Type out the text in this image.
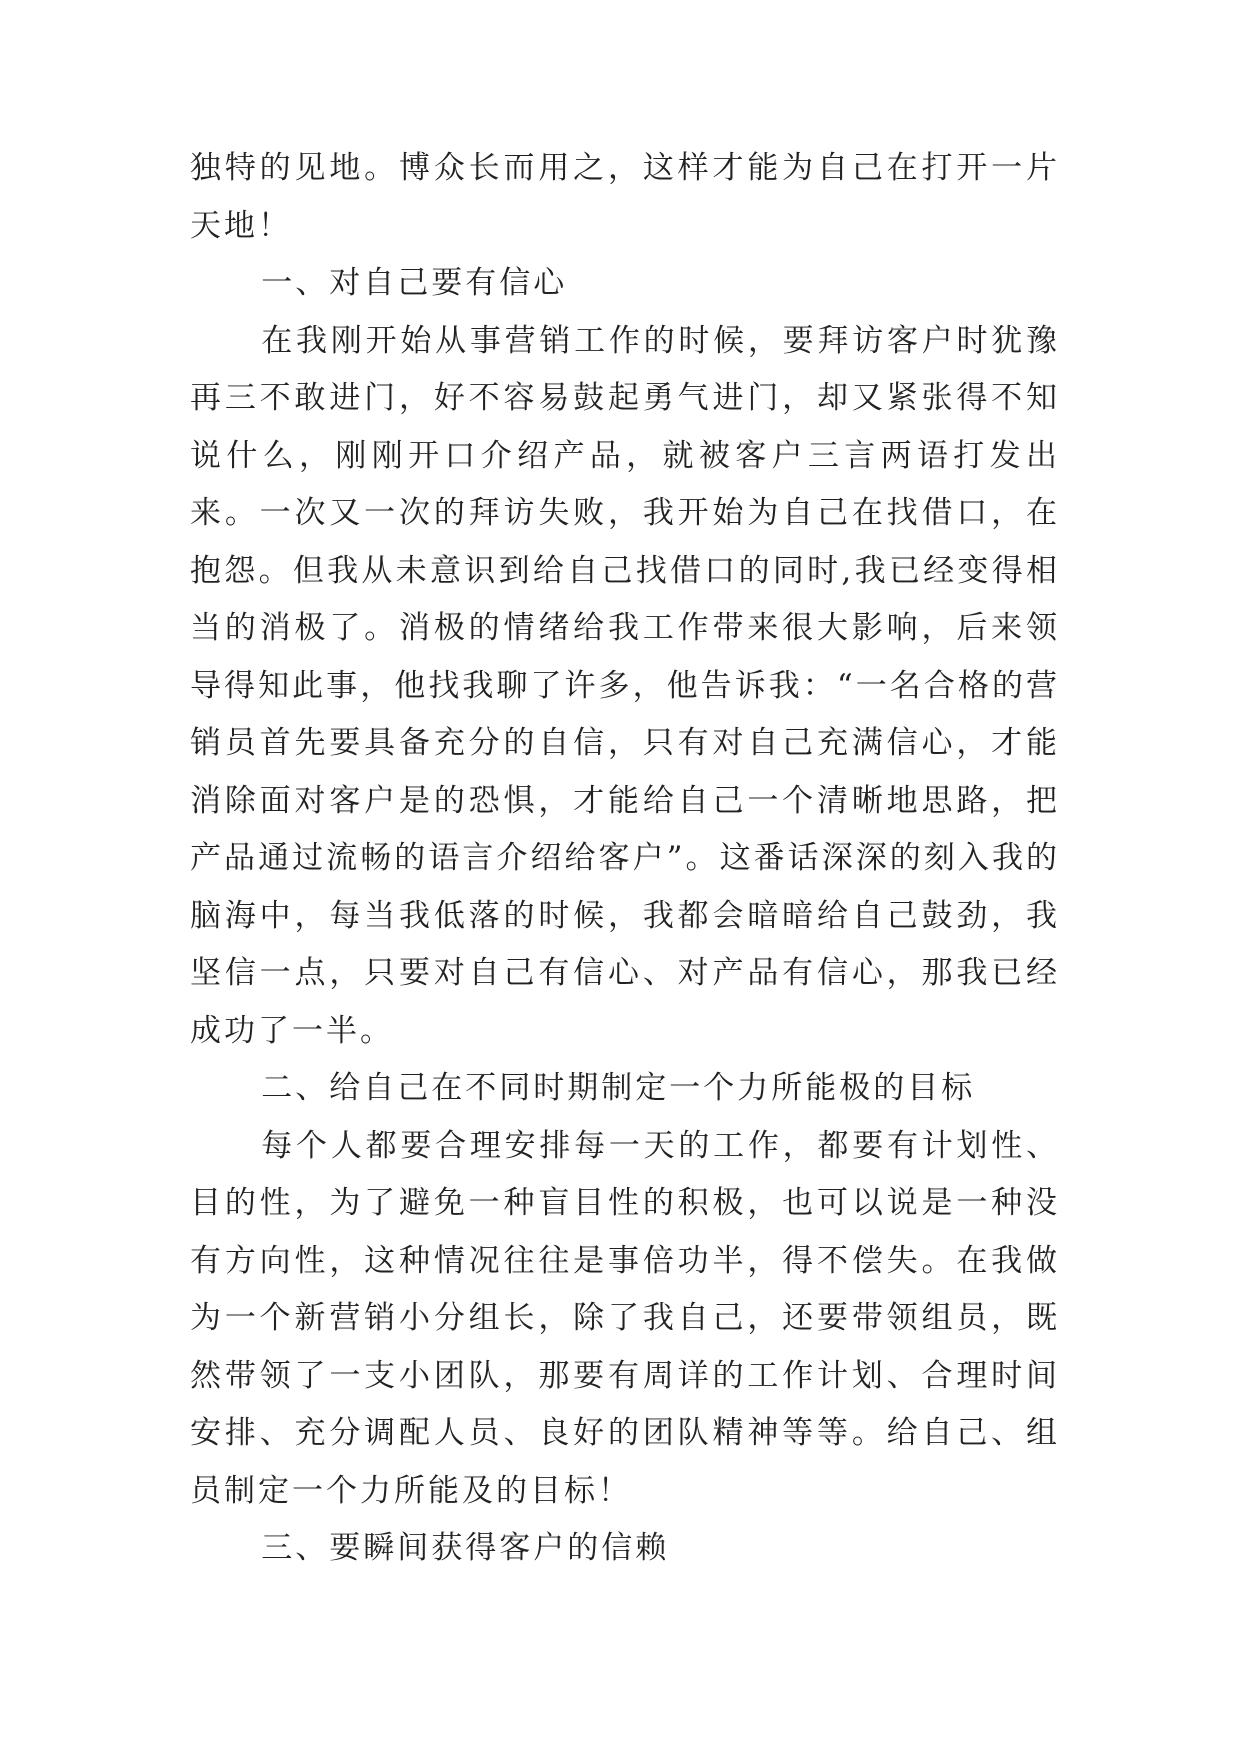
独特的见地。博众长而用之，这样才能为自己在打开一片天地！

一、对自己要有信心

在我刚开始从事营销工作的时候，要拜访客户时犹豫再三不敢进门，好不容易鼓起勇气进门，却又紧张得不知说什么，刚刚开口介绍产品，就被客户三言两语打发出来。一次又一次的拜访失败，我开始为自己在找借口，在抱怨。但我从未意识到给自己找借口的同时,我已经变得相当的消极了。消极的情绪给我工作带来很大影响，后来领导得知此事，他找我聊了许多，他告诉我：“一名合格的营销员首先要具备充分的自信，只有对自己充满信心，才能消除面对客户是的恐惧，才能给自己一个清晰地思路，把产品通过流畅的语言介绍给客户”。这番话深深的刻入我的脑海中，每当我低落的时候，我都会暗暗给自己鼓劲，我坚信一点，只要对自己有信心、对产品有信心，那我已经成功了一半。

二、给自己在不同时期制定一个力所能极的目标

每个人都要合理安排每一天的工作，都要有计划性、目的性，为了避免一种盲目性的积极，也可以说是一种没有方向性，这种情况往往是事倍功半，得不偿失。在我做为一个新营销小分组长，除了我自己，还要带领组员，既然带领了一支小团队，那要有周详的工作计划、合理时间安排、充分调配人员、良好的团队精神等等。给自己、组员制定一个力所能及的目标！

三、要瞬间获得客户的信赖
